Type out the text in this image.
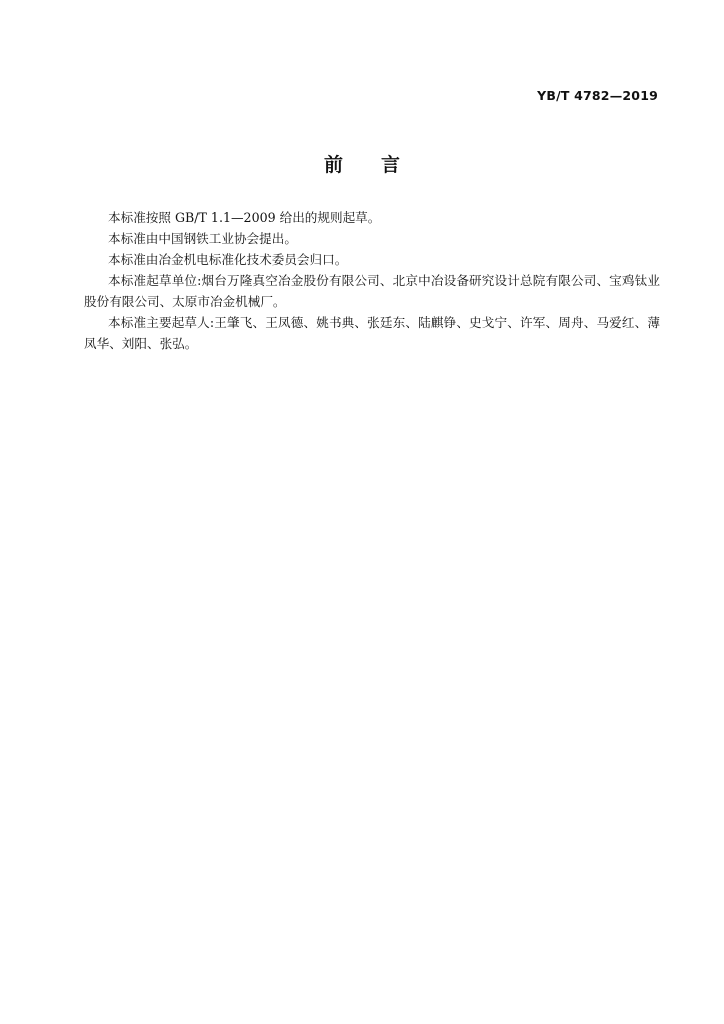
YB/T 4782—2019
前言

本标准按照 GB/T 1.1—2009 给出的规则起草。

本标准由中国钢铁工业协会提出。

本标准由冶金机电标准化技术委员会归口。

本标准起草单位:烟台万隆真空冶金股份有限公司、北京中冶设备研究设计总院有限公司、宝鸡钛业股份有限公司、太原市冶金机械厂。

本标准主要起草人:王肇飞、王凤德、姚书典、张廷东、陆麒铮、史戈宁、许军、周舟、马爱红、薄凤华、刘阳、张弘。
